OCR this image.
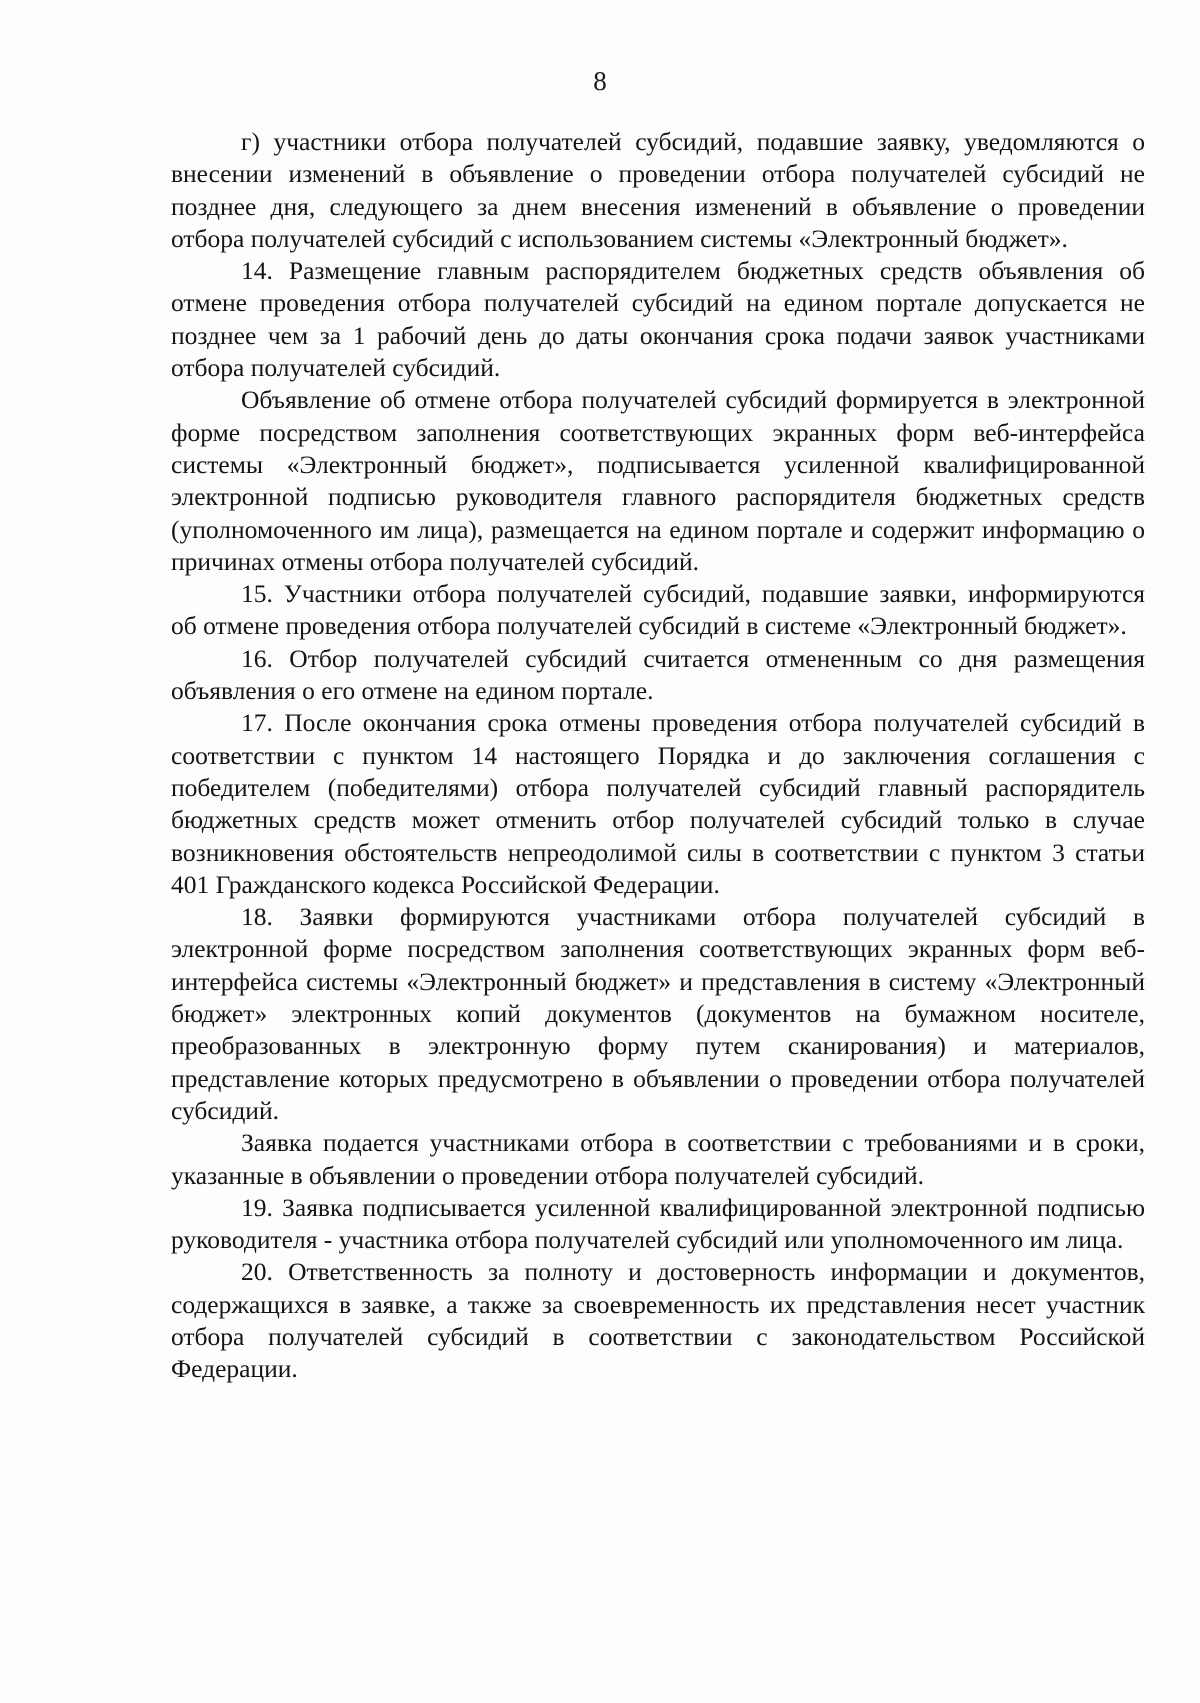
8

г) участники отбора получателей субсидий, подавшие заявку, уведомляются о внесении изменений в объявление о проведении отбора получателей субсидий не позднее дня, следующего за днем внесения изменений в объявление о проведении отбора получателей субсидий с использованием системы «Электронный бюджет».

14. Размещение главным распорядителем бюджетных средств объявления об отмене проведения отбора получателей субсидий на едином портале допускается не позднее чем за 1 рабочий день до даты окончания срока подачи заявок участниками отбора получателей субсидий.

Объявление об отмене отбора получателей субсидий формируется в электронной форме посредством заполнения соответствующих экранных форм веб-интерфейса системы «Электронный бюджет», подписывается усиленной квалифицированной электронной подписью руководителя главного распорядителя бюджетных средств (уполномоченного им лица), размещается на едином портале и содержит информацию о причинах отмены отбора получателей субсидий.

15. Участники отбора получателей субсидий, подавшие заявки, информируются об отмене проведения отбора получателей субсидий в системе «Электронный бюджет».

16. Отбор получателей субсидий считается отмененным со дня размещения объявления о его отмене на едином портале.

17. После окончания срока отмены проведения отбора получателей субсидий в соответствии с пунктом 14 настоящего Порядка и до заключения соглашения с победителем (победителями) отбора получателей субсидий главный распорядитель бюджетных средств может отменить отбор получателей субсидий только в случае возникновения обстоятельств непреодолимой силы в соответствии с пунктом 3 статьи 401 Гражданского кодекса Российской Федерации.

18. Заявки формируются участниками отбора получателей субсидий в электронной форме посредством заполнения соответствующих экранных форм веб-интерфейса системы «Электронный бюджет» и представления в систему «Электронный бюджет» электронных копий документов (документов на бумажном носителе, преобразованных в электронную форму путем сканирования) и материалов, представление которых предусмотрено в объявлении о проведении отбора получателей субсидий.

Заявка подается участниками отбора в соответствии с требованиями и в сроки, указанные в объявлении о проведении отбора получателей субсидий.

19. Заявка подписывается усиленной квалифицированной электронной подписью руководителя - участника отбора получателей субсидий или уполномоченного им лица.

20. Ответственность за полноту и достоверность информации и документов, содержащихся в заявке, а также за своевременность их представления несет участник отбора получателей субсидий в соответствии с законодательством Российской Федерации.
